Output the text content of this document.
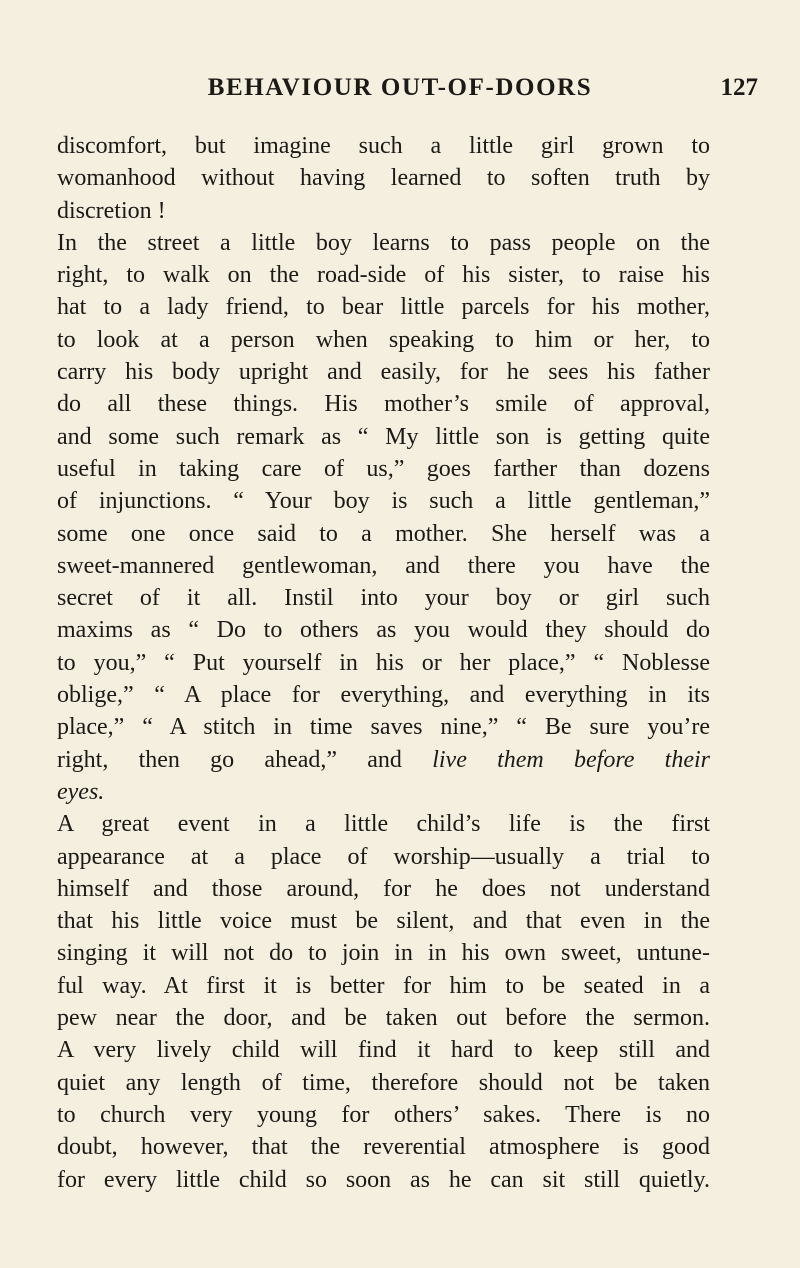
BEHAVIOUR OUT-OF-DOORS	127
discomfort, but imagine such a little girl grown to
womanhood without having learned to soften truth by
discretion !
In the street a little boy learns to pass people on the
right, to walk on the road-side of his sister, to raise his
hat to a lady friend, to bear little parcels for his mother,
to look at a person when speaking to him or her, to
carry his body upright and easily, for he sees his father
do all these things. His mother’s smile of approval,
and some such remark as “ My little son is getting quite
useful in taking care of us,” goes farther than dozens
of injunctions. “ Your boy is such a little gentleman,”
some one once said to a mother. She herself was a
sweet-mannered gentlewoman, and there you have the
secret of it all. Instil into your boy or girl such
maxims as “ Do to others as you would they should do
to you,” “ Put yourself in his or her place,” “ Noblesse
oblige,” “ A place for everything, and everything in its
place,” “ A stitch in time saves nine,” “ Be sure you’re
right, then go ahead,” and live them before their
eyes.
A great event in a little child’s life is the first
appearance at a place of worship—usually a trial to
himself and those around, for he does not understand
that his little voice must be silent, and that even in the
singing it will not do to join in in his own sweet, untune-
ful way. At first it is better for him to be seated in a
pew near the door, and be taken out before the sermon.
A very lively child will find it hard to keep still and
quiet any length of time, therefore should not be taken
to church very young for others’ sakes. There is no
doubt, however, that the reverential atmosphere is good
for every little child so soon as he can sit still quietly.
